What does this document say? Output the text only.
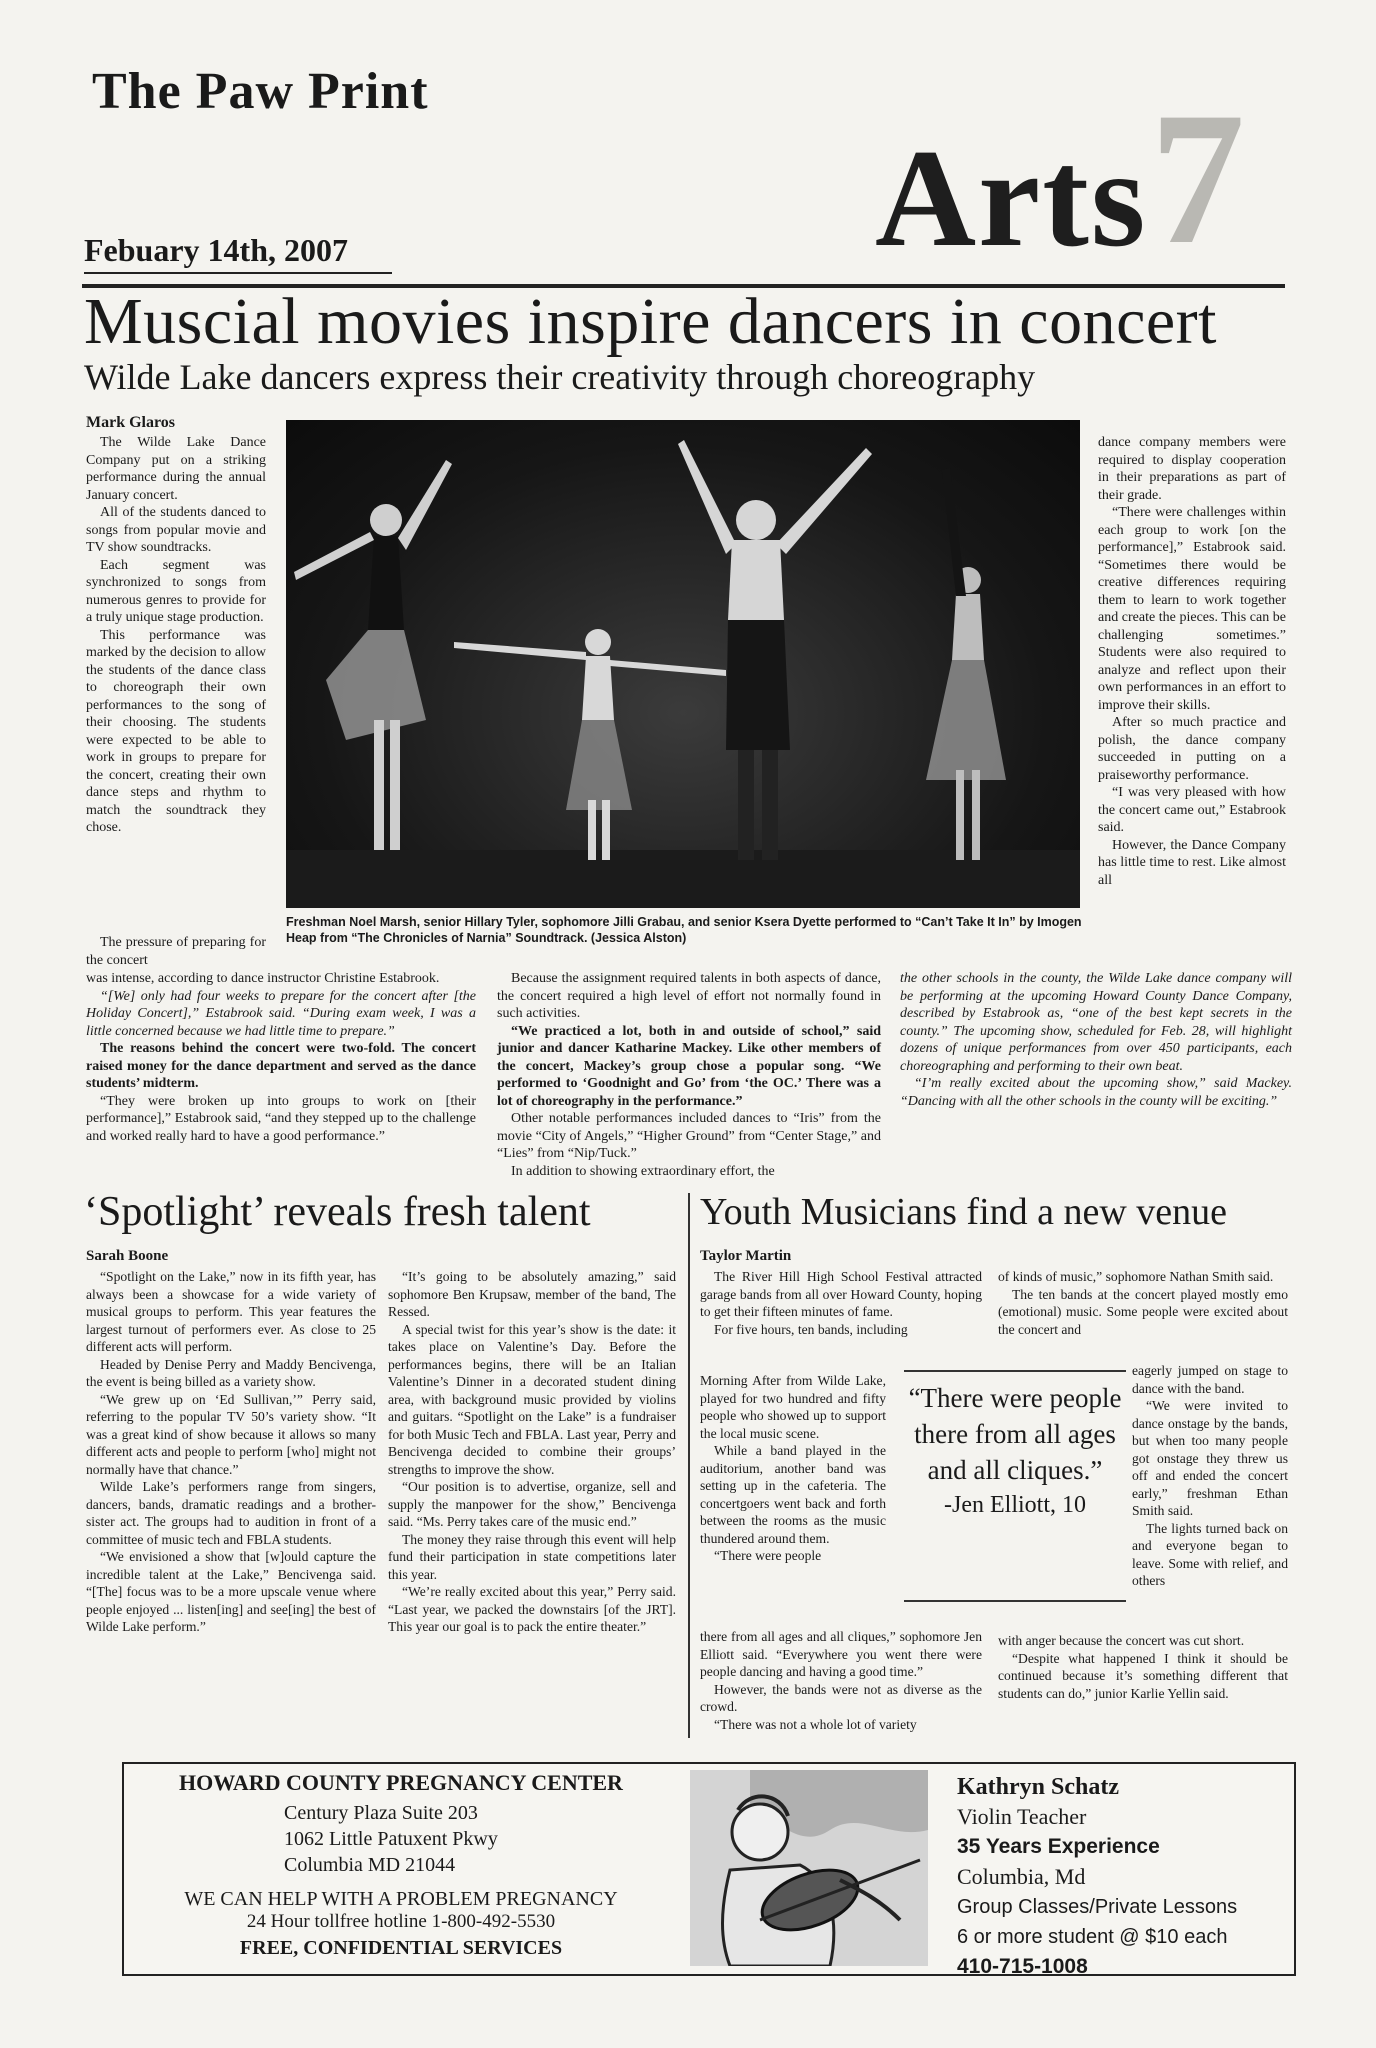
The Paw Print	7
Arts
Febuary 14th, 2007
Muscial movies inspire dancers in concert
Wilde Lake dancers express their creativity through choreography
Mark Glaros

The Wilde Lake Dance Company put on a striking performance during the annual January concert.

All of the students danced to songs from popular movie and TV show soundtracks.

Each segment was synchronized to songs from numerous genres to provide for a truly unique stage production.

This performance was marked by the decision to allow the students of the dance class to choreograph their own performances to the song of their choosing. The students were expected to be able to work in groups to prepare for the concert, creating their own dance steps and rhythm to match the soundtrack they chose.

The pressure of preparing for the concert

Freshman Noel Marsh, senior Hillary Tyler, sophomore Jilli Grabau, and senior Ksera Dyette performed to “Can’t Take It In” by Imogen Heap from “The Chronicles of Narnia” Soundtrack. (Jessica Alston)

dance company members were required to display cooperation in their preparations as part of their grade.

“There were challenges within each group to work [on the performance],” Estabrook said. “Sometimes there would be creative differences requiring them to learn to work together and create the pieces. This can be challenging sometimes.” Students were also required to analyze and reflect upon their own performances in an effort to improve their skills.

After so much practice and polish, the dance company succeeded in putting on a praiseworthy performance.

“I was very pleased with how the concert came out,” Estabrook said.

However, the Dance Company has little time to rest. Like almost all

was intense, according to dance instructor Christine Estabrook.

“[We] only had four weeks to prepare for the concert after [the Holiday Concert],” Estabrook said. “During exam week, I was a little concerned because we had little time to prepare.”

The reasons behind the concert were two-fold. The concert raised money for the dance department and served as the dance students’ midterm.

“They were broken up into groups to work on [their performance],” Estabrook said, “and they stepped up to the challenge and worked really hard to have a good performance.”

Because the assignment required talents in both aspects of dance, the concert required a high level of effort not normally found in such activities.

“We practiced a lot, both in and outside of school,” said junior and dancer Katharine Mackey. Like other members of the concert, Mackey’s group chose a popular song. “We performed to ‘Goodnight and Go’ from ‘the OC.’ There was a lot of choreography in the performance.”

Other notable performances included dances to “Iris” from the movie “City of Angels,” “Higher Ground” from “Center Stage,” and “Lies” from “Nip/Tuck.”

In addition to showing extraordinary effort, the

the other schools in the county, the Wilde Lake dance company will be performing at the upcoming Howard County Dance Company, described by Estabrook as, “one of the best kept secrets in the county.” The upcoming show, scheduled for Feb. 28, will highlight dozens of unique performances from over 450 participants, each choreographing and performing to their own beat.

“I’m really excited about the upcoming show,” said Mackey. “Dancing with all the other schools in the county will be exciting.”

‘Spotlight’ reveals fresh talent
Sarah Boone

“Spotlight on the Lake,” now in its fifth year, has always been a showcase for a wide variety of musical groups to perform. This year features the largest turnout of performers ever. As close to 25 different acts will perform.

Headed by Denise Perry and Maddy Bencivenga, the event is being billed as a variety show.

“We grew up on ‘Ed Sullivan,’” Perry said, referring to the popular TV 50’s variety show. “It was a great kind of show because it allows so many different acts and people to perform [who] might not normally have that chance.”

Wilde Lake’s performers range from singers, dancers, bands, dramatic readings and a brother-sister act. The groups had to audition in front of a committee of music tech and FBLA students.

“We envisioned a show that [w]ould capture the incredible talent at the Lake,” Bencivenga said. “[The] focus was to be a more upscale venue where people enjoyed ... listen[ing] and see[ing] the best of Wilde Lake perform.”

“It’s going to be absolutely amazing,” said sophomore Ben Krupsaw, member of the band, The Ressed.

A special twist for this year’s show is the date: it takes place on Valentine’s Day. Before the performances begins, there will be an Italian Valentine’s Dinner in a decorated student dining area, with background music provided by violins and guitars. “Spotlight on the Lake” is a fundraiser for both Music Tech and FBLA. Last year, Perry and Bencivenga decided to combine their groups’ strengths to improve the show.

“Our position is to advertise, organize, sell and supply the manpower for the show,” Bencivenga said. “Ms. Perry takes care of the music end.”

The money they raise through this event will help fund their participation in state competitions later this year.

“We’re really excited about this year,” Perry said. “Last year, we packed the downstairs [of the JRT]. This year our goal is to pack the entire theater.”

Youth Musicians find a new venue
Taylor Martin

The River Hill High School Festival attracted garage bands from all over Howard County, hoping to get their fifteen minutes of fame.

For five hours, ten bands, including

Morning After from Wilde Lake, played for two hundred and fifty people who showed up to support the local music scene.

While a band played in the auditorium, another band was setting up in the cafeteria. The concertgoers went back and forth between the rooms as the music thundered around them.

“There were people

there from all ages and all cliques,” sophomore Jen Elliott said. “Everywhere you went there were people dancing and having a good time.”

However, the bands were not as diverse as the crowd.

“There was not a whole lot of variety

of kinds of music,” sophomore Nathan Smith said.

The ten bands at the concert played mostly emo (emotional) music. Some people were excited about the concert and

eagerly jumped on stage to dance with the band.

“We were invited to dance onstage by the bands, but when too many people got onstage they threw us off and ended the concert early,” freshman Ethan Smith said.

The lights turned back on and everyone began to leave. Some with relief, and others

with anger because the concert was cut short.

“Despite what happened I think it should be continued because it’s something different that students can do,” junior Karlie Yellin said.

“There were people there from all ages and all cliques.”
-Jen Elliott, 10
HOWARD COUNTY PREGNANCY CENTER
Century Plaza Suite 203
1062 Little Patuxent Pkwy
Columbia MD 21044
WE CAN HELP WITH A PROBLEM PREGNANCY
24 Hour tollfree hotline 1-800-492-5530
FREE, CONFIDENTIAL SERVICES
Kathryn Schatz
Violin Teacher
35 Years Experience
Columbia, Md
Group Classes/Private Lessons
6 or more student @ $10 each
410-715-1008
